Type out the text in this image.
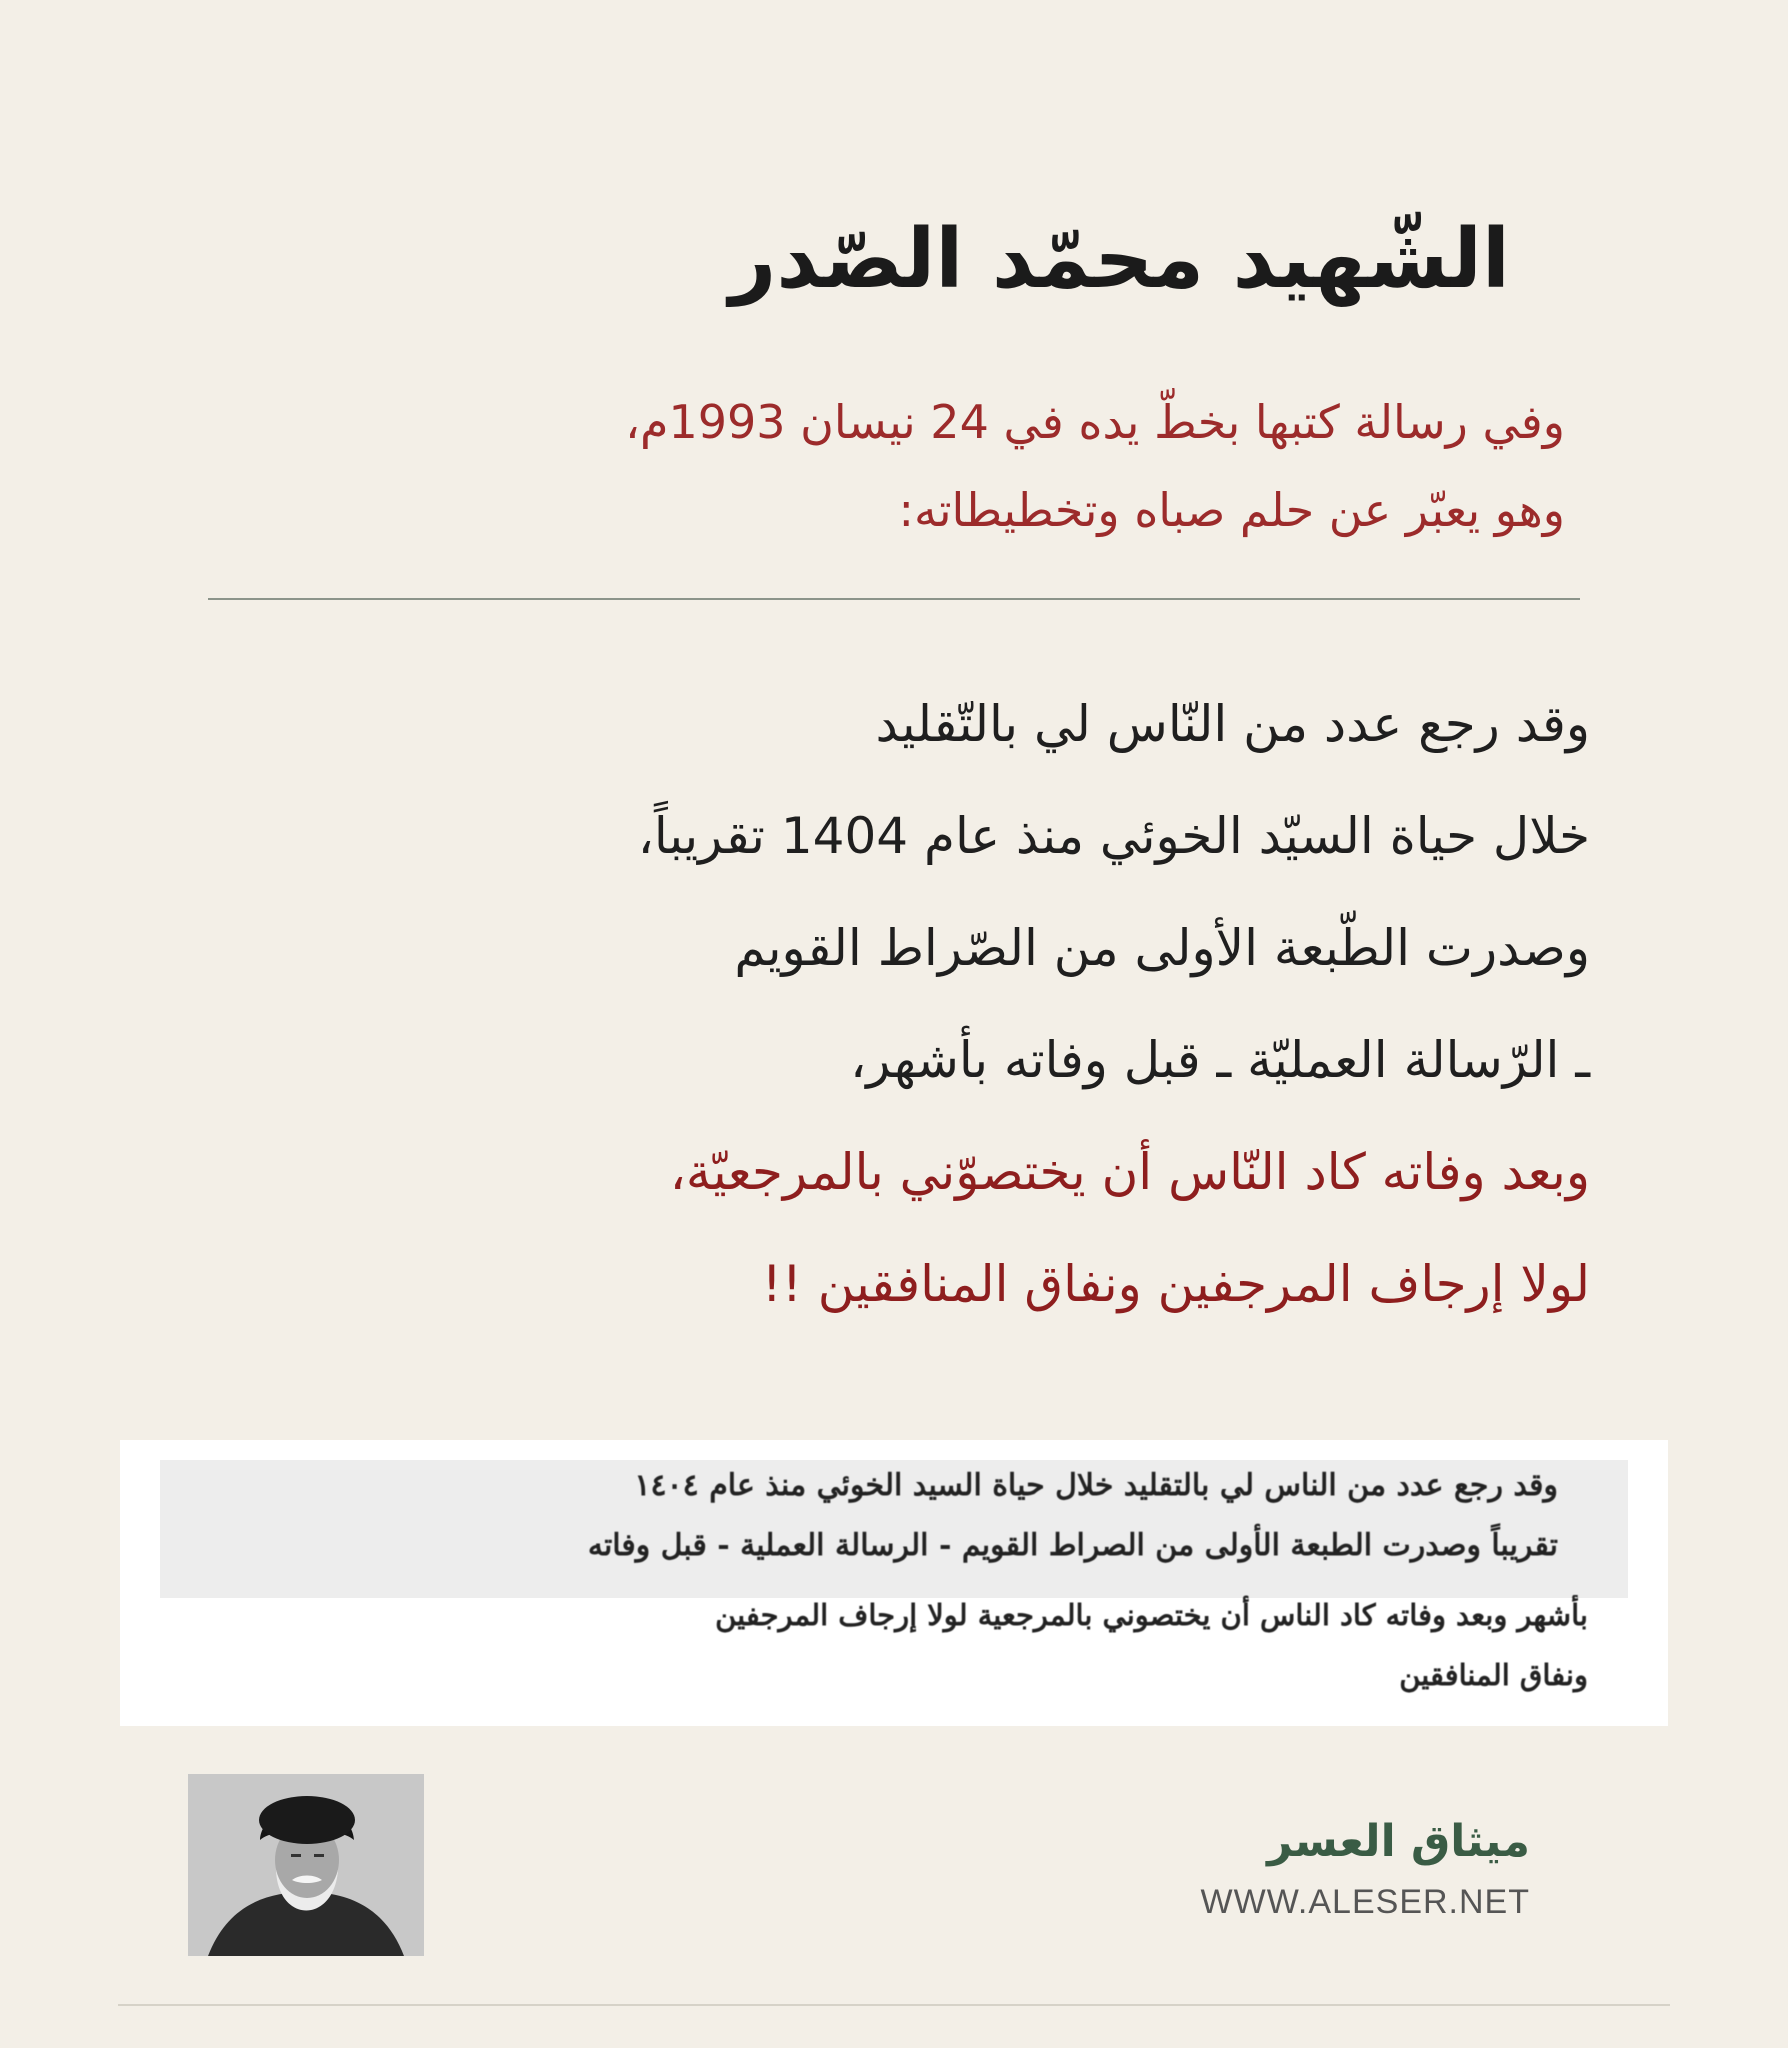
الشّهيد محمّد الصّدر
وفي رسالة كتبها بخطّ يده في 24 نيسان 1993م،
وهو يعبّر عن حلم صباه وتخطيطاته:
وقد رجع عدد من النّاس لي بالتّقليد
خلال حياة السيّد الخوئي منذ عام 1404 تقريباً،
وصدرت الطّبعة الأولى من الصّراط القويم
ـ الرّسالة العمليّة ـ قبل وفاته بأشهر،
وبعد وفاته كاد النّاس أن يختصوّني بالمرجعيّة،
لولا إرجاف المرجفين ونفاق المنافقين !!
وقد رجع عدد من الناس لي بالتقليد خلال حياة السيد الخوئي منذ عام ١٤٠٤
تقريباً وصدرت الطبعة الأولى من الصراط القويم - الرسالة العملية - قبل وفاته
بأشهر وبعد وفاته كاد الناس أن يختصوني بالمرجعية لولا إرجاف المرجفين
ونفاق المنافقين
ميثاق العسر
WWW.ALESER.NET
